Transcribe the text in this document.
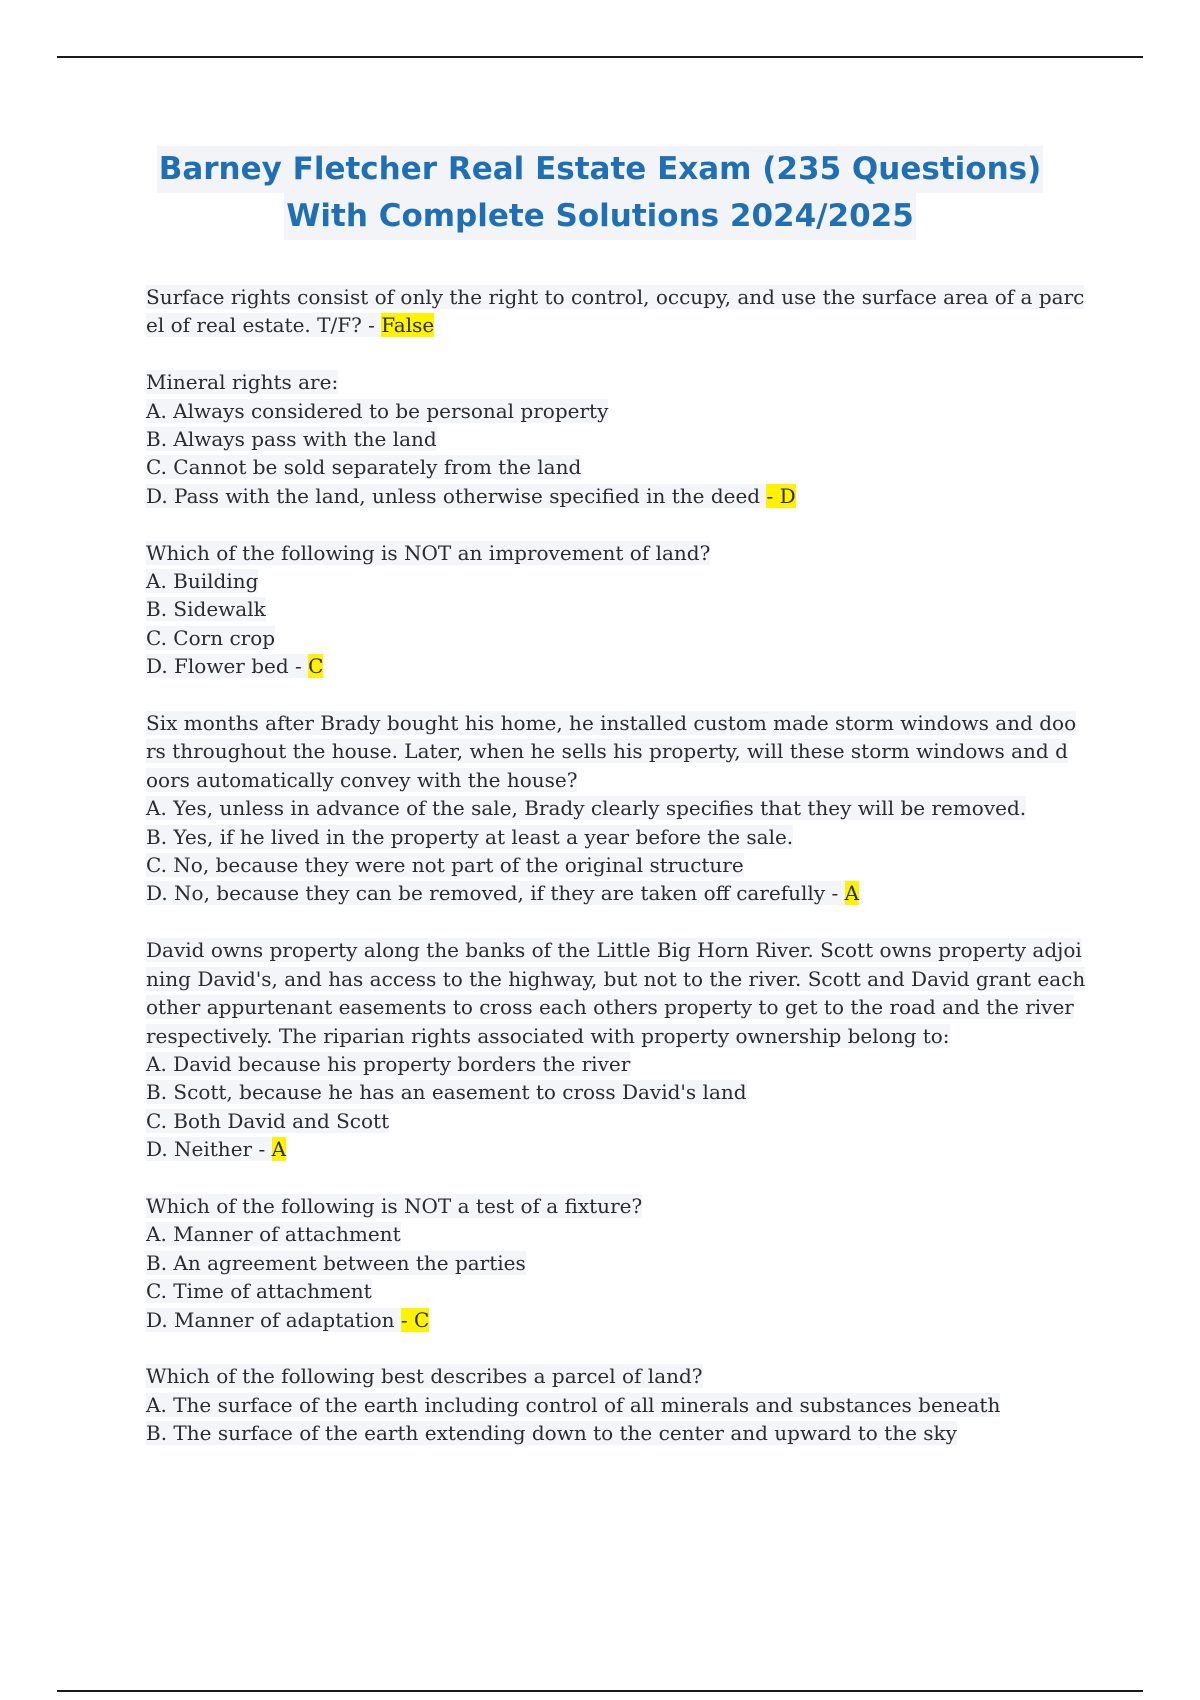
Barney Fletcher Real Estate Exam (235 Questions)
With Complete Solutions 2024/2025
Surface rights consist of only the right to control, occupy, and use the surface area of a parc
el of real estate. T/F? - False
Mineral rights are:
A. Always considered to be personal property
B. Always pass with the land
C. Cannot be sold separately from the land
D. Pass with the land, unless otherwise specified in the deed - D
Which of the following is NOT an improvement of land?
A. Building
B. Sidewalk
C. Corn crop
D. Flower bed - C
Six months after Brady bought his home, he installed custom made storm windows and doo
rs throughout the house. Later, when he sells his property, will these storm windows and d
oors automatically convey with the house?
A. Yes, unless in advance of the sale, Brady clearly specifies that they will be removed.
B. Yes, if he lived in the property at least a year before the sale.
C. No, because they were not part of the original structure
D. No, because they can be removed, if they are taken off carefully - A
David owns property along the banks of the Little Big Horn River. Scott owns property adjoi
ning David's, and has access to the highway, but not to the river. Scott and David grant each
other appurtenant easements to cross each others property to get to the road and the river
respectively. The riparian rights associated with property ownership belong to:
A. David because his property borders the river
B. Scott, because he has an easement to cross David's land
C. Both David and Scott
D. Neither - A
Which of the following is NOT a test of a fixture?
A. Manner of attachment
B. An agreement between the parties
C. Time of attachment
D. Manner of adaptation - C
Which of the following best describes a parcel of land?
A. The surface of the earth including control of all minerals and substances beneath
B. The surface of the earth extending down to the center and upward to the sky
